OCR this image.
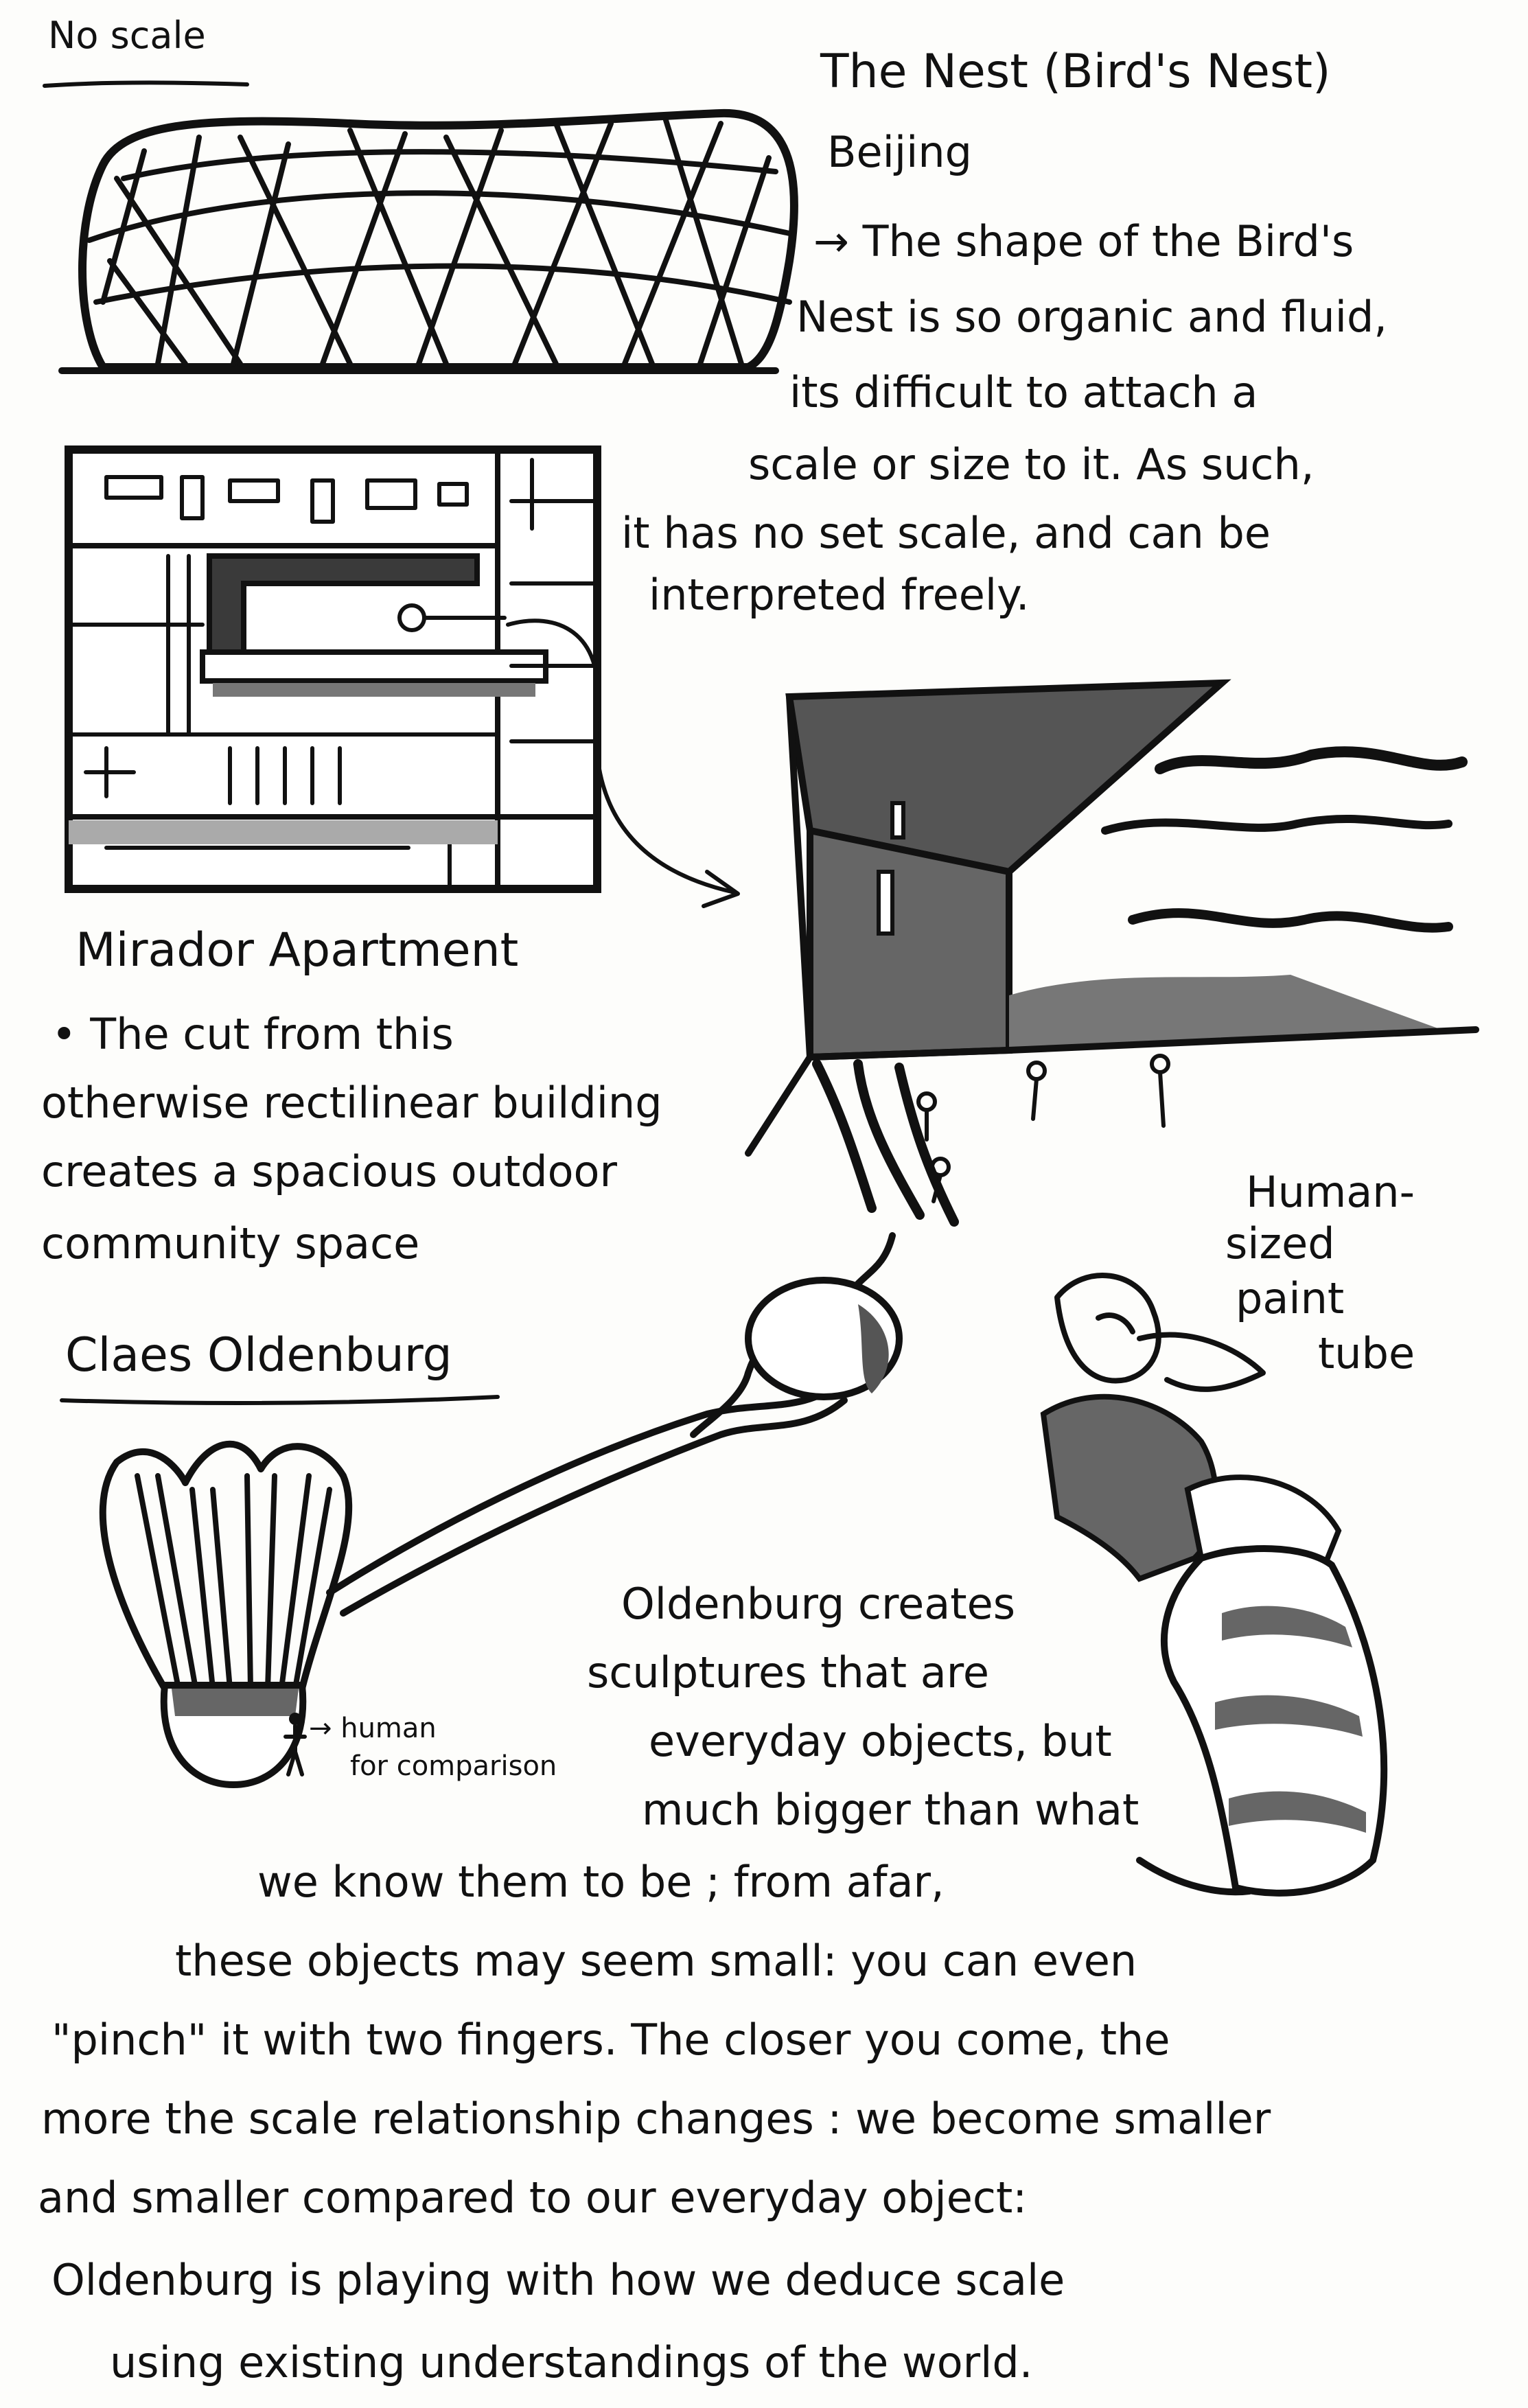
No scale
The Nest (Bird's Nest)
Beijing
→ The shape of the Bird's
Nest is so organic and fluid,
its difficult to attach a
scale or size to it. As such,
it has no set scale, and can be
interpreted freely.
Mirador Apartment
• The cut from this
otherwise rectilinear building
creates a spacious outdoor
community space
Claes Oldenburg
Human-
sized
paint
tube
→ human
for comparison
Oldenburg creates
sculptures that are
everyday objects, but
much bigger than what
we know them to be ; from afar,
these objects may seem small: you can even
"pinch" it with two fingers. The closer you come, the
more the scale relationship changes : we become smaller
and smaller compared to our everyday object:
Oldenburg is playing with how we deduce scale
using existing understandings of the world.
